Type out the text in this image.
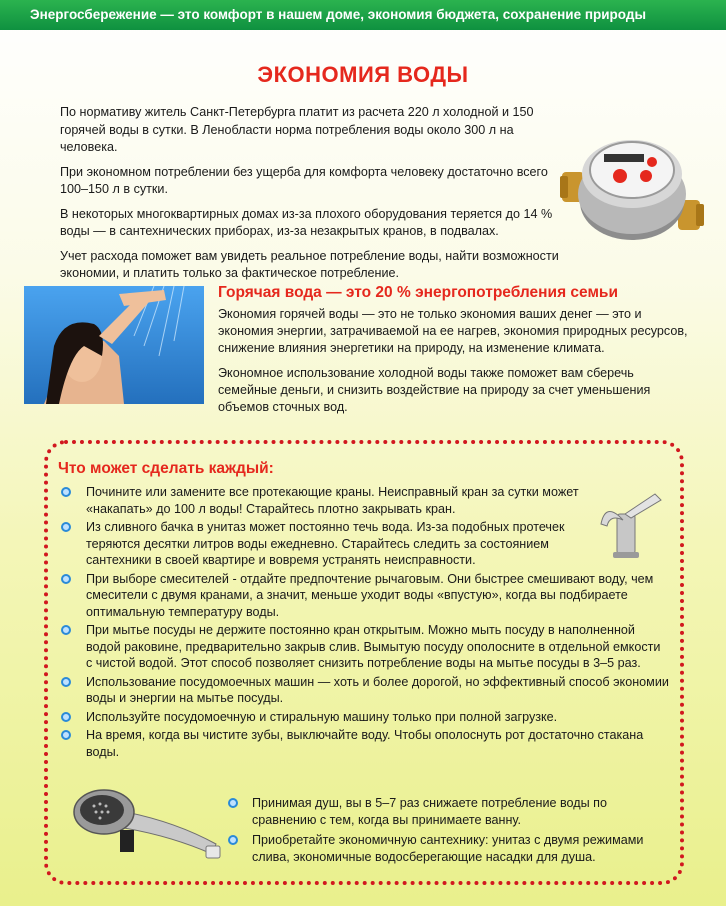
Энергосбережение — это комфорт в нашем доме, экономия бюджета, сохранение природы
ЭКОНОМИЯ ВОДЫ

По нормативу житель Санкт-Петербурга платит из расчета 220 л холодной и 150 горячей воды в сутки. В Ленобласти норма потребления воды около 300 л на человека.

При экономном потреблении без ущерба для комфорта человеку достаточно всего 100–150 л в сутки.

В некоторых многоквартирных домах из-за плохого оборудования теряется до 14 % воды — в сантехнических приборах, из-за незакрытых кранов, в подвалах.

Учет расхода поможет вам увидеть реальное потребление воды, найти возможности экономии, и платить только за фактическое потребление.

Горячая вода — это 20 % энергопотребления семьи

Экономия горячей воды — это не только экономия ваших денег — это и экономия энергии, затрачиваемой на ее нагрев, экономия природных ресурсов, снижение влияния энергетики на природу, на изменение климата.

Экономное использование холодной воды также поможет вам сберечь семейные деньги, и снизить воздействие на природу за счет уменьшения объемов сточных вод.

Что может сделать каждый:
Почините или замените все протекающие краны. Неисправный кран за сутки может «накапать» до 100 л воды! Старайтесь плотно закрывать кран.
Из сливного бачка в унитаз может постоянно течь вода. Из-за подобных протечек теряются десятки литров воды ежедневно. Старайтесь следить за состоянием сантехники в своей квартире и вовремя устранять неисправности.
При выборе смесителей - отдайте предпочтение рычаговым. Они быстрее смешивают воду, чем смесители с двумя кранами, а значит, меньше уходит воды «впустую», когда вы подбираете оптимальную температуру воды.
При мытье посуды не держите постоянно кран открытым. Можно мыть посуду в наполненной водой раковине, предварительно закрыв слив. Вымытую посуду ополосните в отдельной емкости с чистой водой. Этот способ позволяет снизить потребление воды на мытье посуды в 3–5 раз.
Использование посудомоечных машин — хоть и более дорогой, но эффективный способ экономии воды и энергии на мытье посуды.
Используйте посудомоечную и стиральную машину только при полной загрузке.
На время, когда вы чистите зубы, выключайте воду. Чтобы ополоснуть рот достаточно стакана воды.
Принимая душ, вы в 5–7 раз снижаете потребление воды по сравнению с тем, когда вы принимаете ванну.
Приобретайте экономичную сантехнику: унитаз с двумя режимами слива, экономичные водосберегающие насадки для душа.
